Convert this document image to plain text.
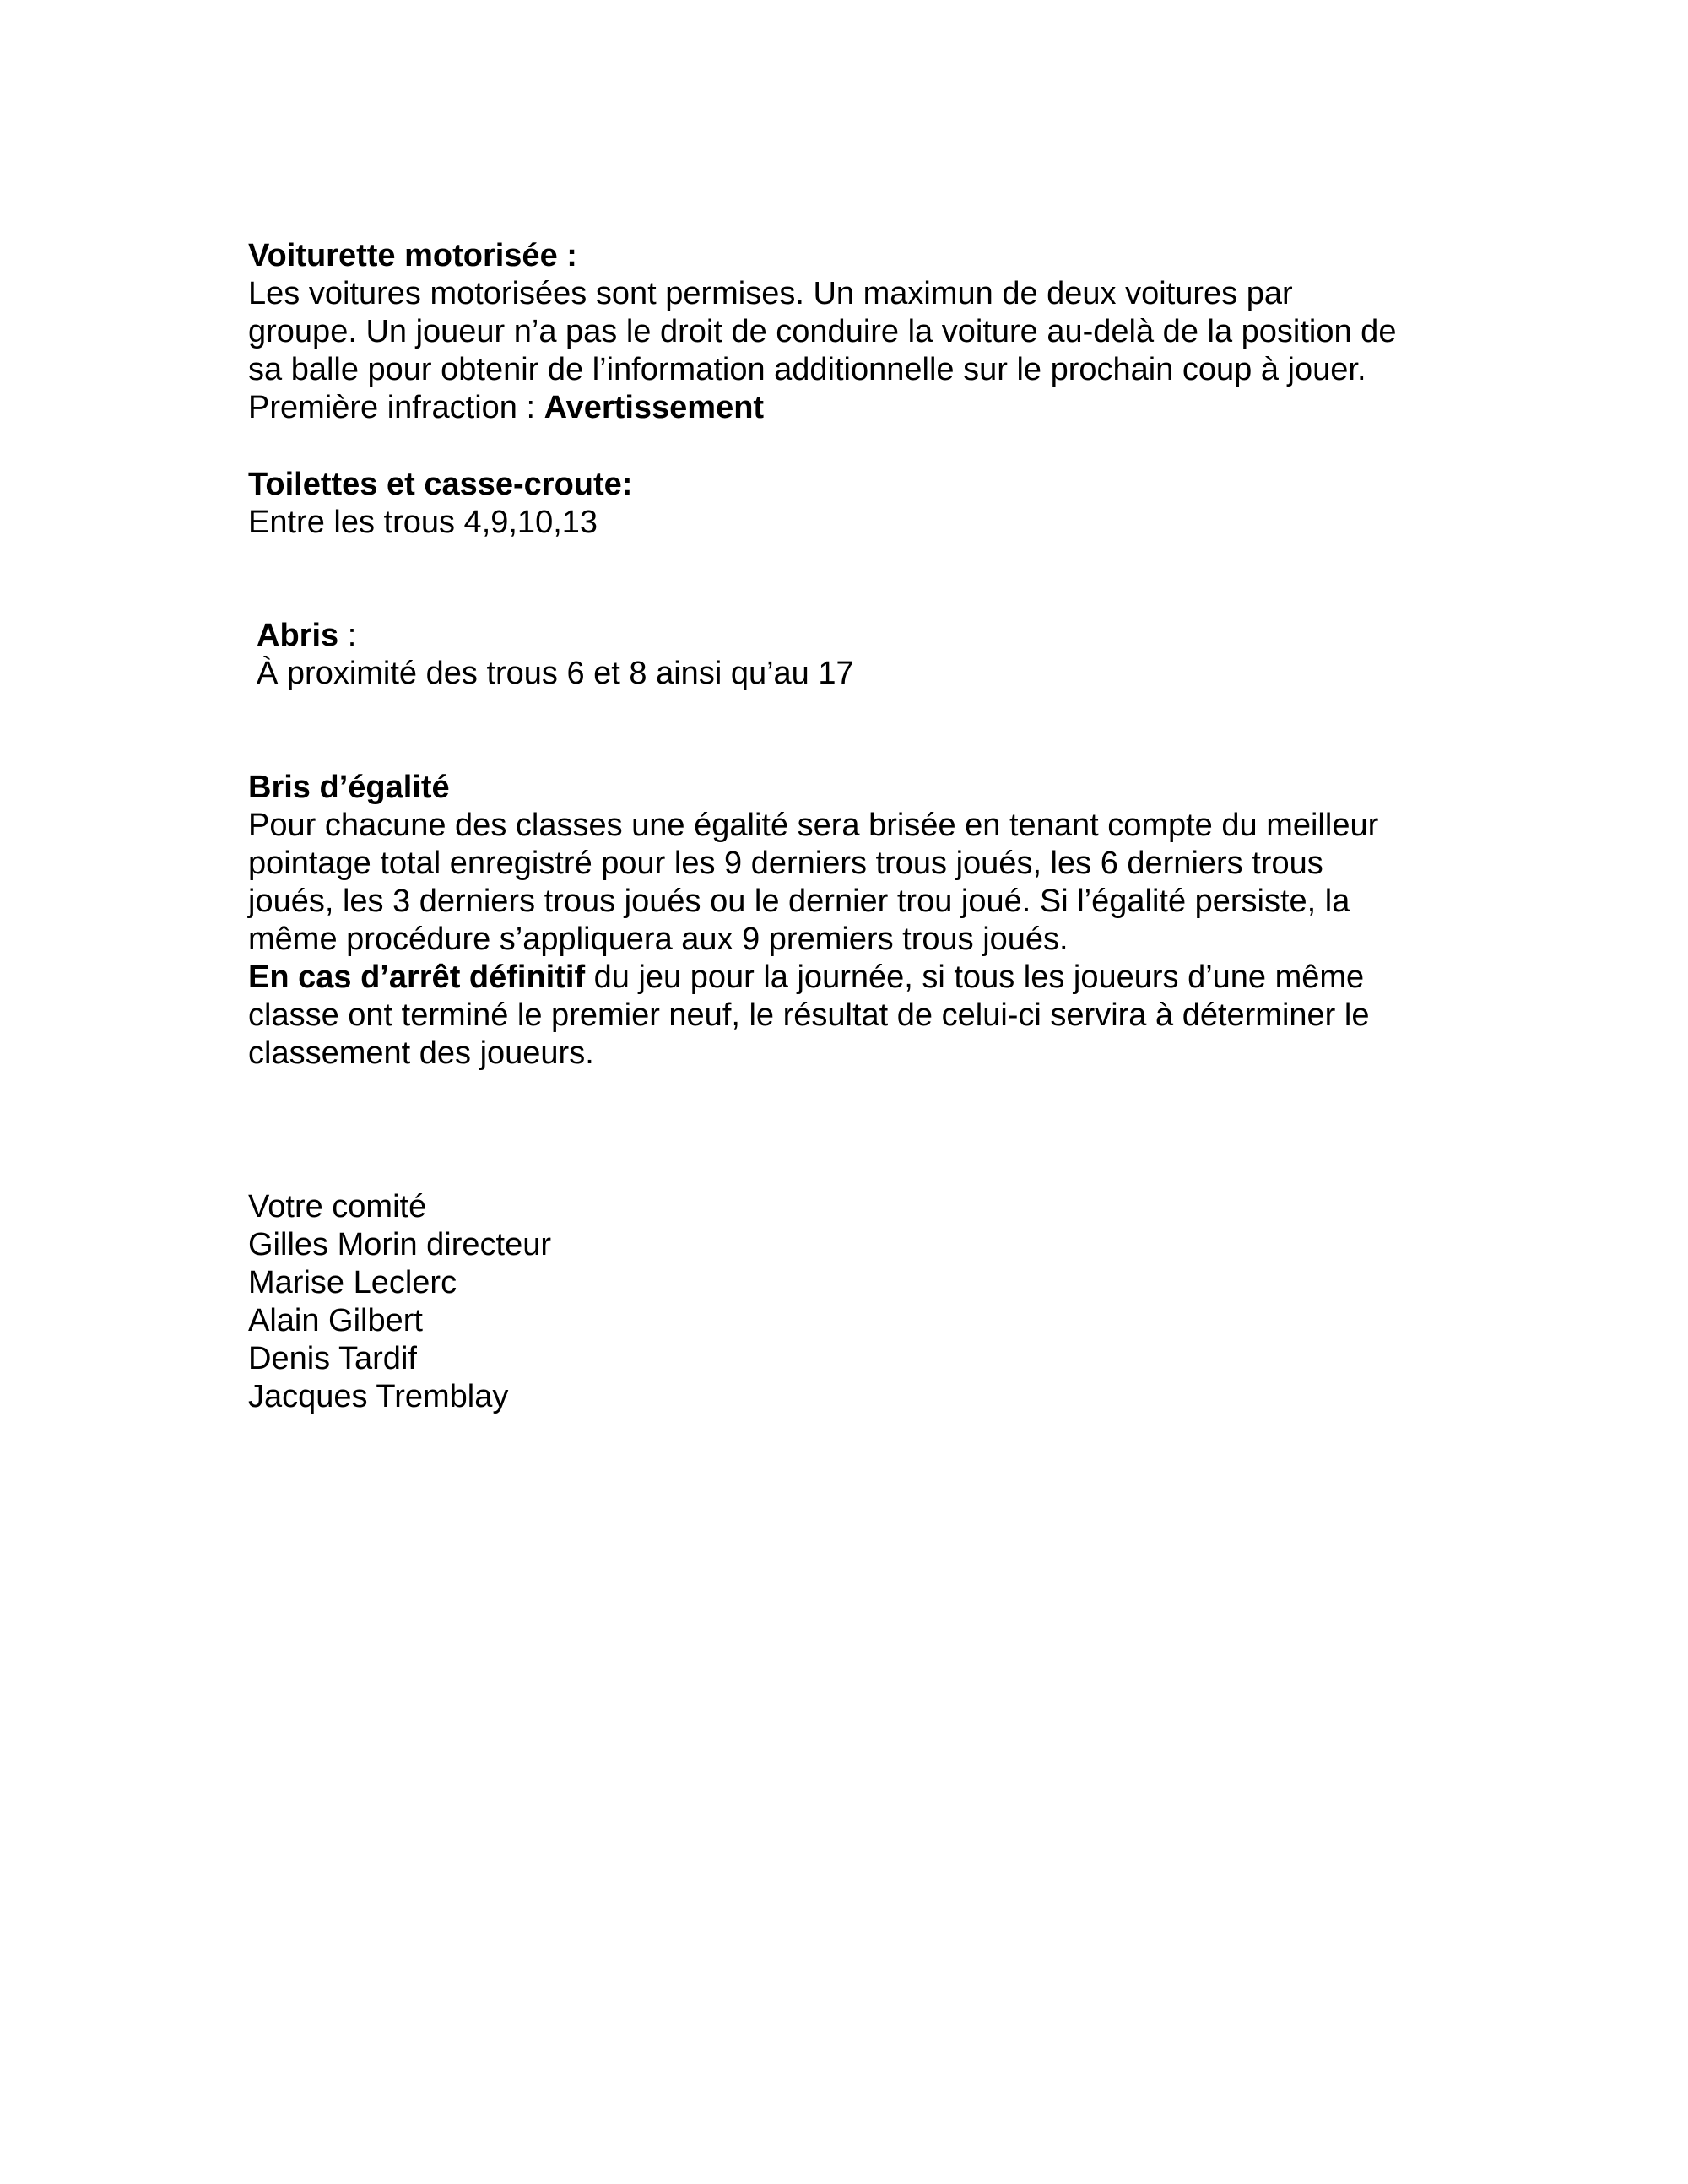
Voiturette motorisée :
Les voitures motorisées sont permises. Un maximun de deux voitures par
groupe. Un joueur n’a pas le droit de conduire la voiture au-delà de la position de
sa balle pour obtenir de l’information additionnelle sur le prochain coup à jouer.
Première infraction : Avertissement
Toilettes et casse-croute:
Entre les trous 4,9,10,13
Abris :
À proximité des trous 6 et 8 ainsi qu’au 17
Bris d’égalité
Pour chacune des classes une égalité sera brisée en tenant compte du meilleur
pointage total enregistré pour les 9 derniers trous joués, les 6 derniers trous
joués, les 3 derniers trous joués ou le dernier trou joué. Si l’égalité persiste, la
même procédure s’appliquera aux 9 premiers trous joués.
En cas d’arrêt définitif du jeu pour la journée, si tous les joueurs d’une même
classe ont terminé le premier neuf, le résultat de celui-ci servira à déterminer le
classement des joueurs.
Votre comité
Gilles Morin directeur
Marise Leclerc
Alain Gilbert
Denis Tardif
Jacques Tremblay
